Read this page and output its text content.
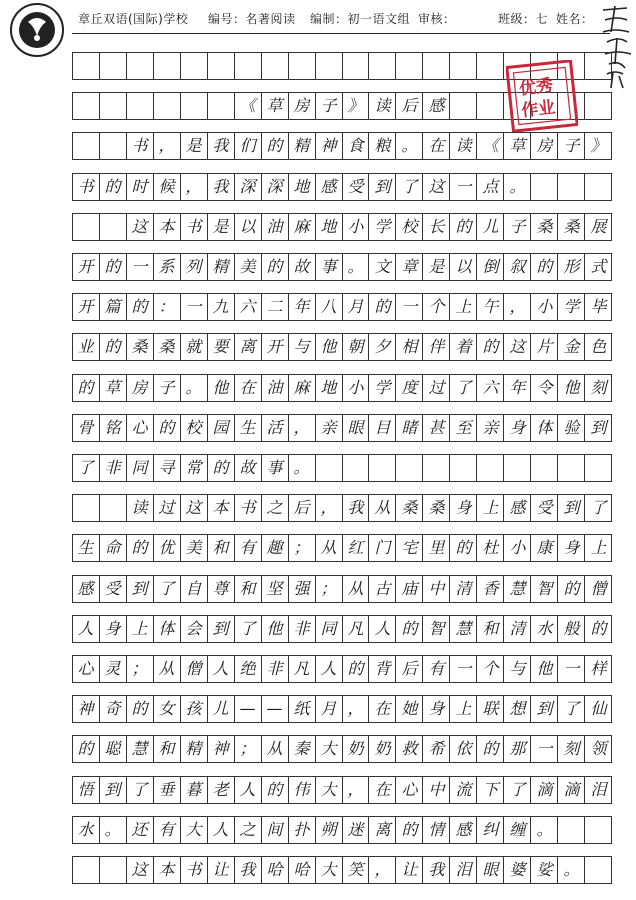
章丘双语(国际)学校 编号：名著阅读 编制：初一语文组 审核：	班级：七 姓名：
《 草 房 子 》 读 后 感
书 ， 是 我 们 的 精 神 食 粮 。 在 读 《 草 房 子 》
书 的 时 候 ， 我 深 深 地 感 受 到 了 这 一 点 。
这 本 书 是 以 油 麻 地 小 学 校 长 的 儿 子 桑 桑 展
开 的 一 系 列 精 美 的 故 事 。 文 章 是 以 倒 叙 的 形 式
开 篇 的 ： 一 九 六 二 年 八 月 的 一 个 上 午 ， 小 学 毕
业 的 桑 桑 就 要 离 开 与 他 朝 夕 相 伴 着 的 这 片 金 色
的 草 房 子 。 他 在 油 麻 地 小 学 度 过 了 六 年 令 他 刻
骨 铭 心 的 校 园 生 活 ， 亲 眼 目 睹 甚 至 亲 身 体 验 到
了 非 同 寻 常 的 故 事 。
读 过 这 本 书 之 后 ， 我 从 桑 桑 身 上 感 受 到 了
生 命 的 优 美 和 有 趣 ； 从 红 门 宅 里 的 杜 小 康 身 上
感 受 到 了 自 尊 和 坚 强 ； 从 古 庙 中 清 香 慧 智 的 僧
人 身 上 体 会 到 了 他 非 同 凡 人 的 智 慧 和 清 水 般 的
心 灵 ； 从 僧 人 绝 非 凡 人 的 背 后 有 一 个 与 他 一 样
神 奇 的 女 孩 儿 — — 纸 月 ， 在 她 身 上 联 想 到 了 仙
的 聪 慧 和 精 神 ； 从 秦 大 奶 奶 救 希 依 的 那 一 刻 领
悟 到 了 垂 暮 老 人 的 伟 大 ， 在 心 中 流 下 了 滴 滴 泪
水 。 还 有 大 人 之 间 扑 朔 迷 离 的 情 感 纠 缠 。
这 本 书 让 我 哈 哈 大 笑 ， 让 我 泪 眼 婆 娑 。
优秀
作业
